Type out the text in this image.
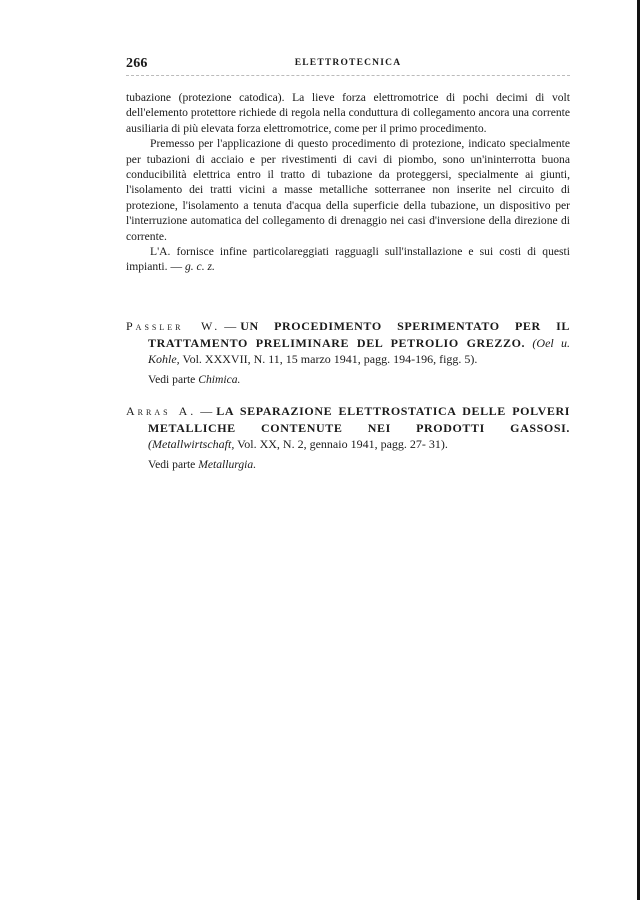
266	ELETTROTECNICA

tubazione (protezione catodica). La lieve forza elettromotrice di pochi decimi di volt dell'elemento protettore richiede di regola nella conduttura di collegamento ancora una corrente ausiliaria di più elevata forza elettromotrice, come per il primo procedimento.

Premesso per l'applicazione di questo procedimento di protezione, indicato specialmente per tubazioni di acciaio e per rivestimenti di cavi di piombo, sono un'ininterrotta buona conducibilità elettrica entro il tratto di tubazione da proteggersi, specialmente ai giunti, l'isolamento dei tratti vicini a masse metalliche sotterranee non inserite nel circuito di protezione, l'isolamento a tenuta d'acqua della superficie della tubazione, un dispositivo per l'interruzione automatica del collegamento di drenaggio nei casi d'inversione della direzione di corrente.

L'A. fornisce infine particolareggiati ragguagli sull'installazione e sui costi di questi impianti. — g. c. z.

Passler W. — UN PROCEDIMENTO SPERIMENTATO PER IL TRATTAMENTO PRELIMINARE DEL PETROLIO GREZZO. (Oel u. Kohle, Vol. XXXVII, N. 11, 15 marzo 1941, pagg. 194-196, figg. 5).

Vedi parte Chimica.

Arras A. — LA SEPARAZIONE ELETTROSTATICA DELLE POLVERI METALLICHE CONTENUTE NEI PRODOTTI GASSOSI. (Metallwirtschaft, Vol. XX, N. 2, gennaio 1941, pagg. 27- 31).

Vedi parte Metallurgia.
